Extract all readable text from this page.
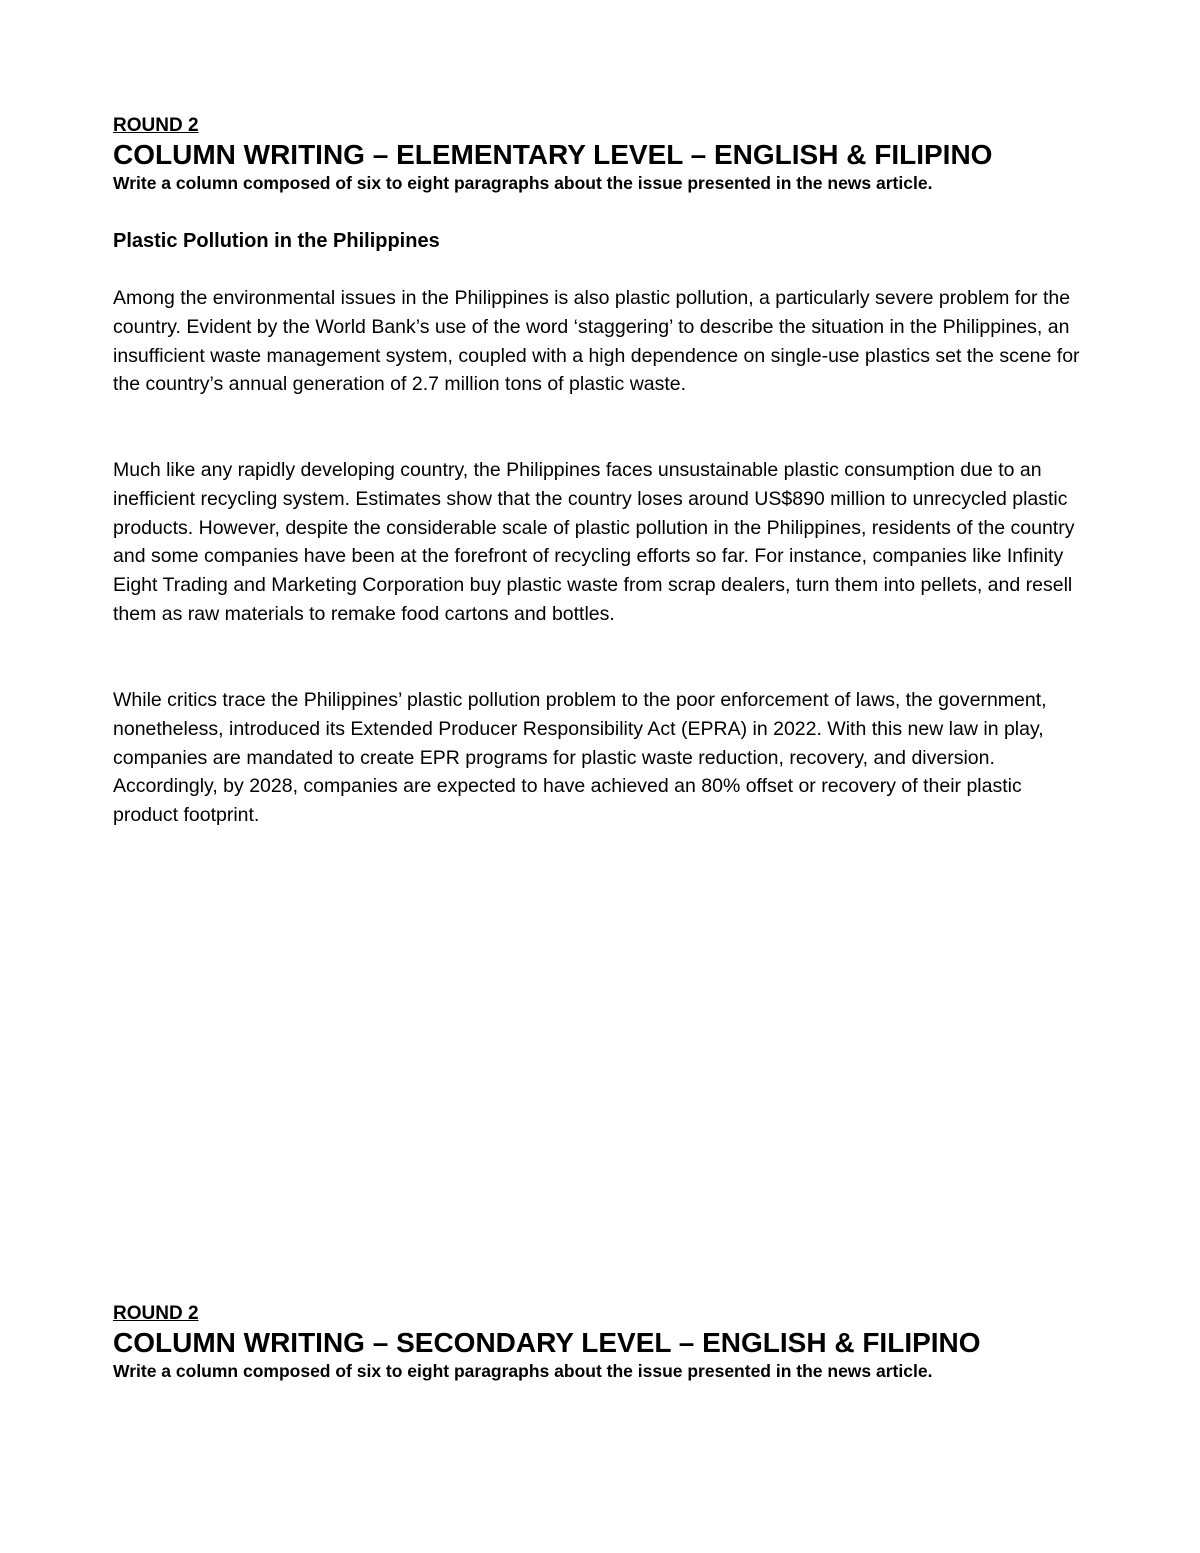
ROUND 2

COLUMN WRITING – ELEMENTARY LEVEL – ENGLISH & FILIPINO

Write a column composed of six to eight paragraphs about the issue presented in the news article.

Plastic Pollution in the Philippines

Among the environmental issues in the Philippines is also plastic pollution, a particularly severe problem for the country. Evident by the World Bank’s use of the word ‘staggering’ to describe the situation in the Philippines, an insufficient waste management system, coupled with a high dependence on single-use plastics set the scene for the country’s annual generation of 2.7 million tons of plastic waste.

Much like any rapidly developing country, the Philippines faces unsustainable plastic consumption due to an inefficient recycling system. Estimates show that the country loses around US$890 million to unrecycled plastic products. However, despite the considerable scale of plastic pollution in the Philippines, residents of the country and some companies have been at the forefront of recycling efforts so far. For instance, companies like Infinity Eight Trading and Marketing Corporation buy plastic waste from scrap dealers, turn them into pellets, and resell them as raw materials to remake food cartons and bottles.

While critics trace the Philippines’ plastic pollution problem to the poor enforcement of laws, the government, nonetheless, introduced its Extended Producer Responsibility Act (EPRA) in 2022. With this new law in play, companies are mandated to create EPR programs for plastic waste reduction, recovery, and diversion. Accordingly, by 2028, companies are expected to have achieved an 80% offset or recovery of their plastic product footprint.

ROUND 2

COLUMN WRITING – SECONDARY LEVEL – ENGLISH & FILIPINO

Write a column composed of six to eight paragraphs about the issue presented in the news article.
